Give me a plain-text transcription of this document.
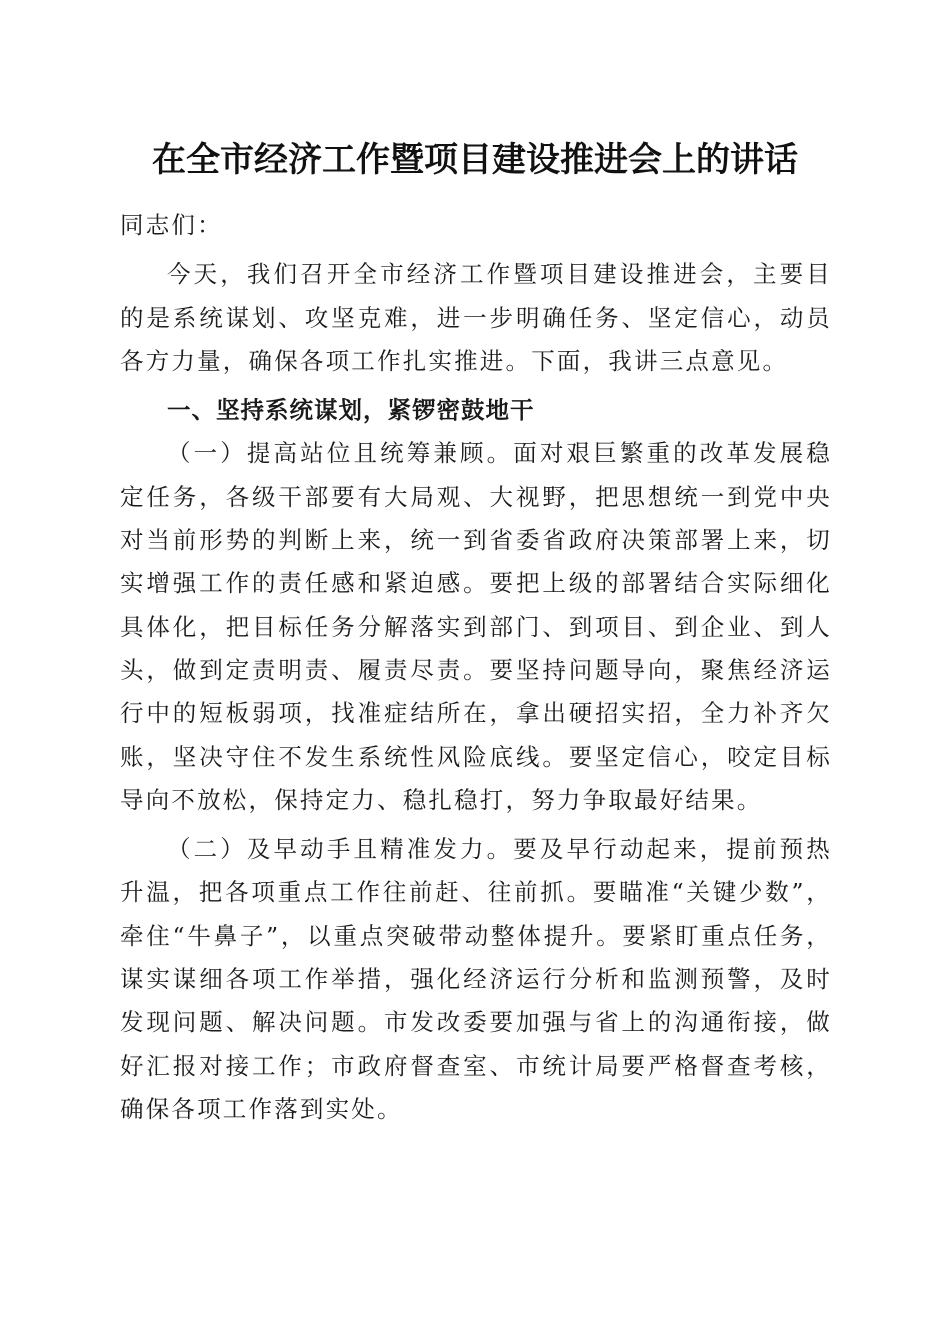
在全市经济工作暨项目建设推进会上的讲话

同志们：

今天，我们召开全市经济工作暨项目建设推进会，主要目的是系统谋划、攻坚克难，进一步明确任务、坚定信心，动员各方力量，确保各项工作扎实推进。下面，我讲三点意见。

一、坚持系统谋划，紧锣密鼓地干

（一）提高站位且统筹兼顾。面对艰巨繁重的改革发展稳定任务，各级干部要有大局观、大视野，把思想统一到党中央对当前形势的判断上来，统一到省委省政府决策部署上来，切实增强工作的责任感和紧迫感。要把上级的部署结合实际细化具体化，把目标任务分解落实到部门、到项目、到企业、到人头，做到定责明责、履责尽责。要坚持问题导向，聚焦经济运行中的短板弱项，找准症结所在，拿出硬招实招，全力补齐欠账，坚决守住不发生系统性风险底线。要坚定信心，咬定目标导向不放松，保持定力、稳扎稳打，努力争取最好结果。

（二）及早动手且精准发力。要及早行动起来，提前预热升温，把各项重点工作往前赶、往前抓。要瞄准“关键少数”，牵住“牛鼻子”，以重点突破带动整体提升。要紧盯重点任务，谋实谋细各项工作举措，强化经济运行分析和监测预警，及时发现问题、解决问题。市发改委要加强与省上的沟通衔接，做好汇报对接工作；市政府督查室、市统计局要严格督查考核，确保各项工作落到实处。
